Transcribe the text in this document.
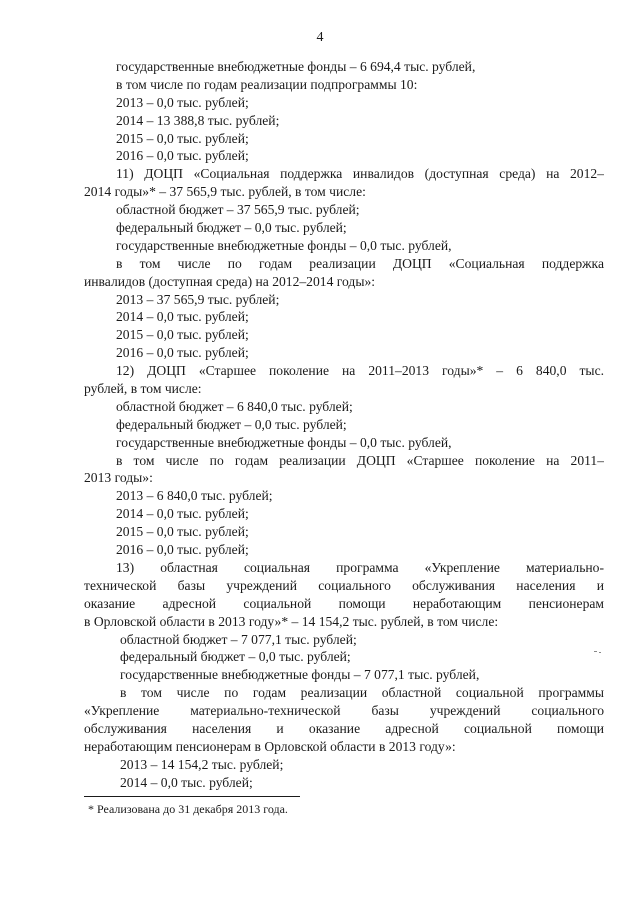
4
государственные внебюджетные фонды – 6 694,4 тыс. рублей,
в том числе по годам реализации подпрограммы 10:
2013 – 0,0 тыс. рублей;
2014 – 13 388,8 тыс. рублей;
2015 – 0,0 тыс. рублей;
2016 – 0,0 тыс. рублей;
11) ДОЦП «Социальная поддержка инвалидов (доступная среда) на 2012–
2014 годы»* – 37 565,9 тыс. рублей, в том числе:
областной бюджет – 37 565,9 тыс. рублей;
федеральный бюджет – 0,0 тыс. рублей;
государственные внебюджетные фонды – 0,0 тыс. рублей,
в том числе по годам реализации ДОЦП «Социальная поддержка
инвалидов (доступная среда) на 2012–2014 годы»:
2013 – 37 565,9 тыс. рублей;
2014 – 0,0 тыс. рублей;
2015 – 0,0 тыс. рублей;
2016 – 0,0 тыс. рублей;
12) ДОЦП «Старшее поколение на 2011–2013 годы»* – 6 840,0 тыс.
рублей, в том числе:
областной бюджет – 6 840,0 тыс. рублей;
федеральный бюджет – 0,0 тыс. рублей;
государственные внебюджетные фонды – 0,0 тыс. рублей,
в том числе по годам реализации ДОЦП «Старшее поколение на 2011–
2013 годы»:
2013 – 6 840,0 тыс. рублей;
2014 – 0,0 тыс. рублей;
2015 – 0,0 тыс. рублей;
2016 – 0,0 тыс. рублей;
13) областная социальная программа «Укрепление материально-
технической базы учреждений социального обслуживания населения и
оказание адресной социальной помощи неработающим пенсионерам
в Орловской области в 2013 году»* – 14 154,2 тыс. рублей, в том числе:
областной бюджет – 7 077,1 тыс. рублей;
федеральный бюджет – 0,0 тыс. рублей;
государственные внебюджетные фонды – 7 077,1 тыс. рублей,
в том числе по годам реализации областной социальной программы
«Укрепление материально-технической базы учреждений социального
обслуживания населения и оказание адресной социальной помощи
неработающим пенсионерам в Орловской области в 2013 году»:
2013 – 14 154,2 тыс. рублей;
2014 – 0,0 тыс. рублей;
* Реализована до 31 декабря 2013 года.
